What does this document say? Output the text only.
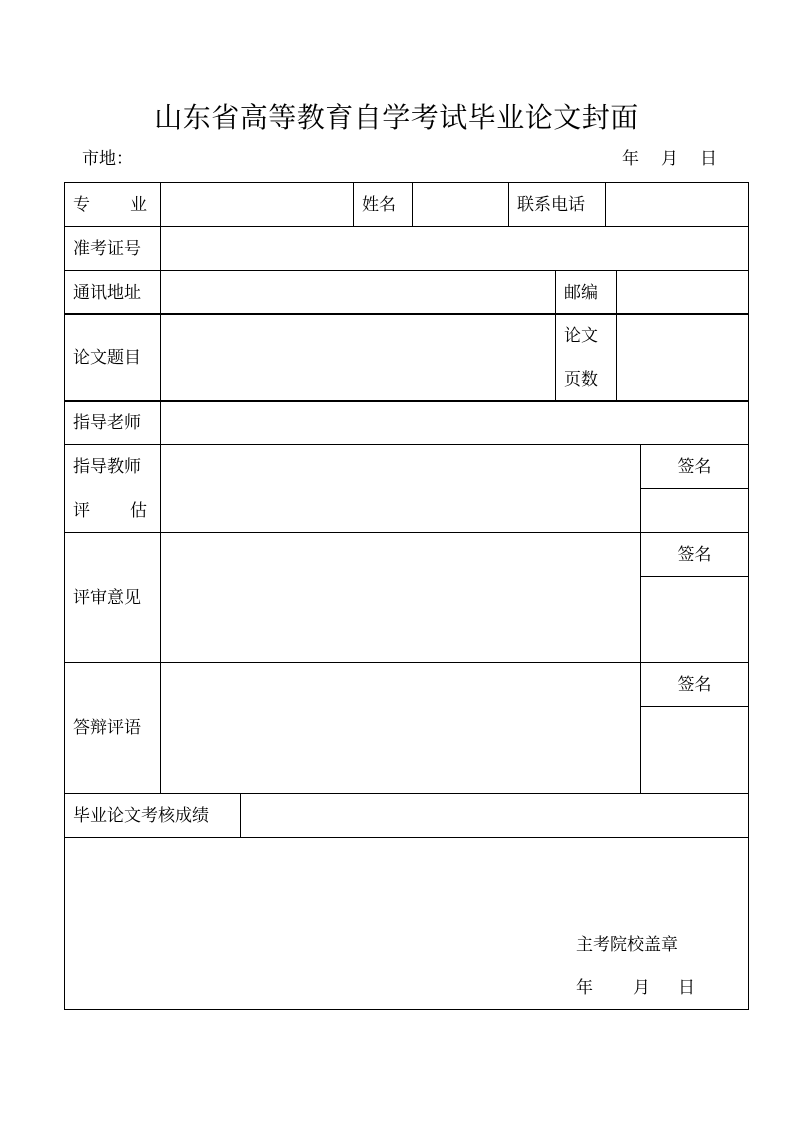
山东省高等教育自学考试毕业论文封面
市地：	年 月 日
专 业	姓名	联系电话
准考证号
通讯地址	邮编
论文题目
论文
页数
指导老师
指导教师
评 估
签名
评审意见
签名
答辩评语
签名
毕业论文考核成绩
主考院校盖章
年 月 日
